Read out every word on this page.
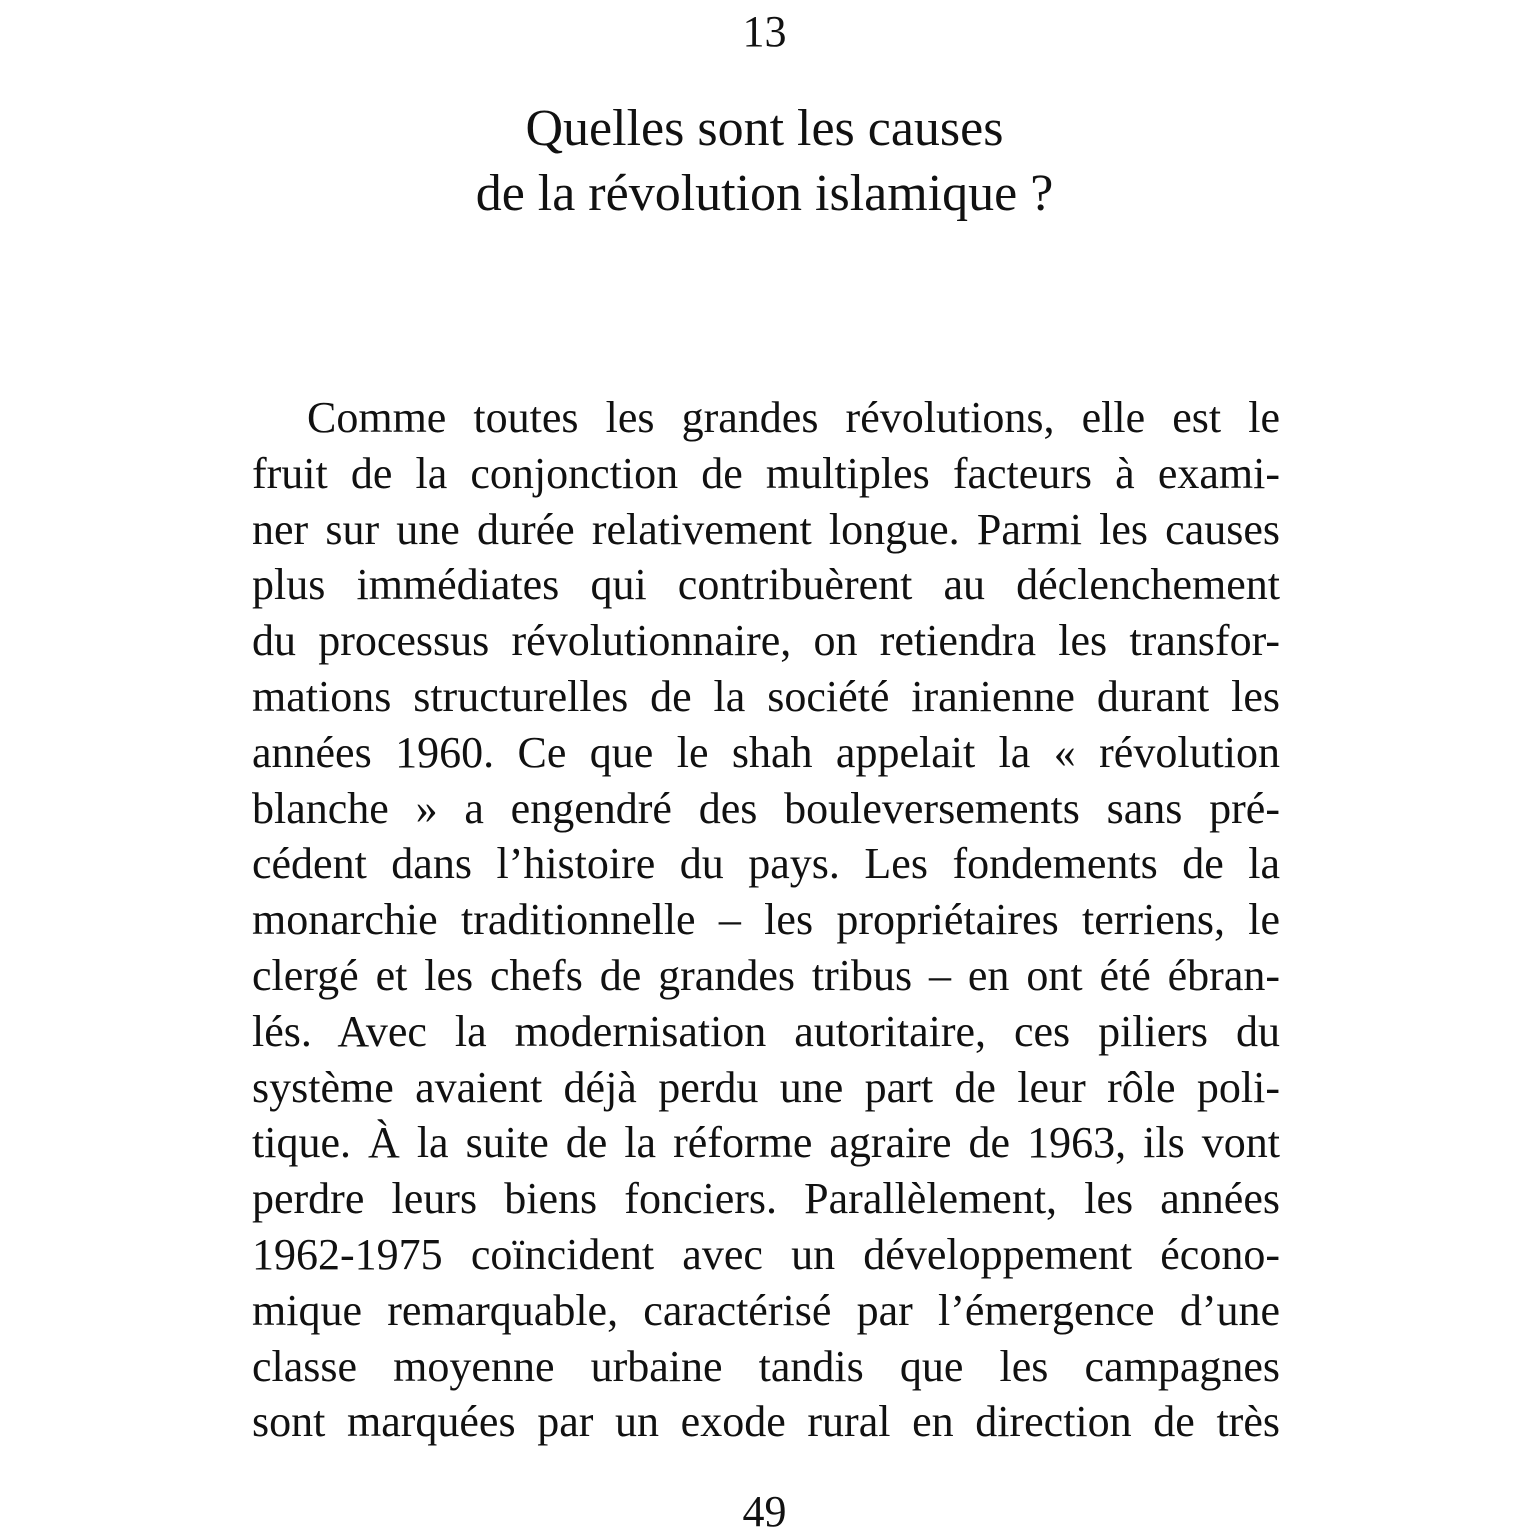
13
Quelles sont les causes
de la révolution islamique ?
Comme toutes les grandes révolutions, elle est le
fruit de la conjonction de multiples facteurs à exami-
ner sur une durée relativement longue. Parmi les causes
plus immédiates qui contribuèrent au déclenchement
du processus révolutionnaire, on retiendra les transfor-
mations structurelles de la société iranienne durant les
années 1960. Ce que le shah appelait la « révolution
blanche » a engendré des bouleversements sans pré-
cédent dans l’histoire du pays. Les fondements de la
monarchie traditionnelle – les propriétaires terriens, le
clergé et les chefs de grandes tribus – en ont été ébran-
lés. Avec la modernisation autoritaire, ces piliers du
système avaient déjà perdu une part de leur rôle poli-
tique. À la suite de la réforme agraire de 1963, ils vont
perdre leurs biens fonciers. Parallèlement, les années
1962-1975 coïncident avec un développement écono-
mique remarquable, caractérisé par l’émergence d’une
classe moyenne urbaine tandis que les campagnes
sont marquées par un exode rural en direction de très
49
